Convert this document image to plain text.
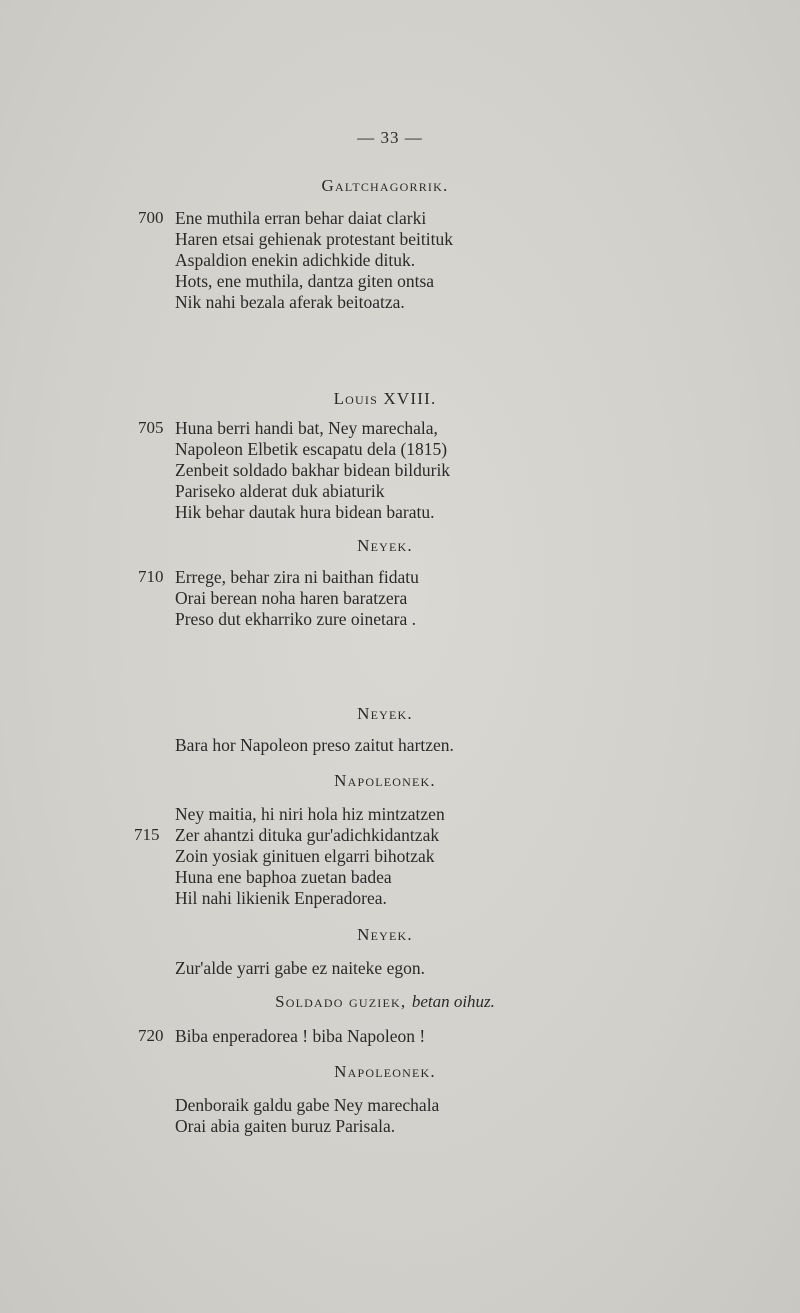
— 33 —
Galtchagorrik.
700 Ene muthila erran behar daiat clarki
Haren etsai gehienak protestant beitituk
Aspaldion enekin adichkide dituk.
Hots, ene muthila, dantza giten ontsa
Nik nahi bezala aferak beitoatza.
Louis XVIII.
705 Huna berri handi bat, Ney marechala,
Napoleon Elbetik escapatu dela (1815)
Zenbeit soldado bakhar bidean bildurik
Pariseko alderat duk abiaturik
Hik behar dautak hura bidean baratu.
Neyek.
710 Errege, behar zira ni baithan fidatu
Orai berean noha haren baratzera
Preso dut ekharriko zure oinetara .
Neyek.
Bara hor Napoleon preso zaitut hartzen.
Napoleonek.
Ney maitia, hi niri hola hiz mintzatzen
715 Zer ahantzi dituka gur'adichkidantzak
Zoin yosiak ginituen elgarri bihotzak
Huna ene baphoa zuetan badea
Hil nahi likienik Enperadorea.
Neyek.
Zur'alde yarri gabe ez naiteke egon.
Soldado guziek, betan oihuz.
720 Biba enperadorea ! biba Napoleon !
Napoleonek.
Denboraik galdu gabe Ney marechala
Orai abia gaiten buruz Parisala.
